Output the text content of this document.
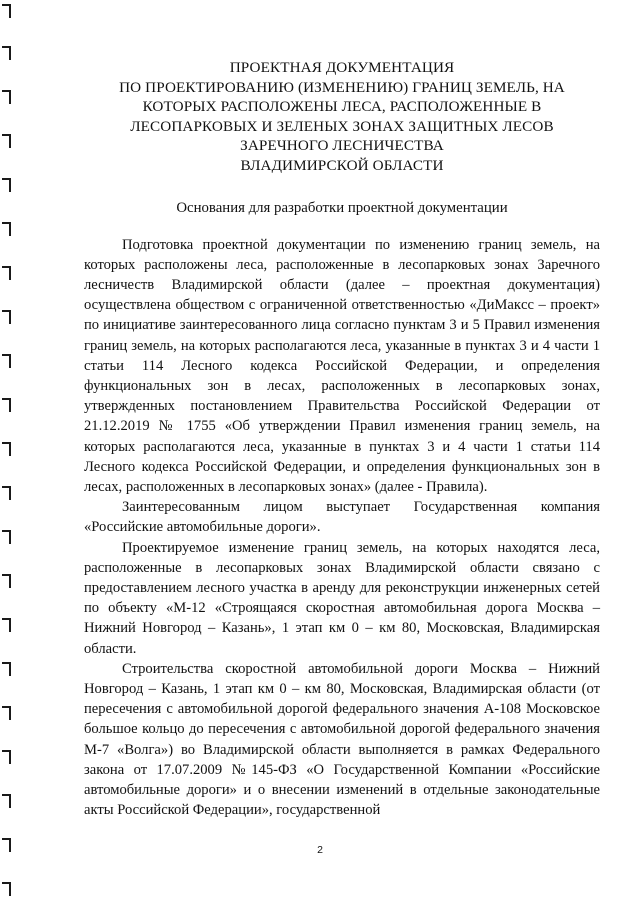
ПРОЕКТНАЯ ДОКУМЕНТАЦИЯ
ПО ПРОЕКТИРОВАНИЮ (ИЗМЕНЕНИЮ) ГРАНИЦ ЗЕМЕЛЬ, НА
КОТОРЫХ РАСПОЛОЖЕНЫ ЛЕСА, РАСПОЛОЖЕННЫЕ В
ЛЕСОПАРКОВЫХ И ЗЕЛЕНЫХ ЗОНАХ ЗАЩИТНЫХ ЛЕСОВ
ЗАРЕЧНОГО ЛЕСНИЧЕСТВА
ВЛАДИМИРСКОЙ ОБЛАСТИ

Основания для разработки проектной документации

Подготовка проектной документации по изменению границ земель, на которых расположены леса, расположенные в лесопарковых зонах Заречного лесничеств Владимирской области (далее – проектная документация) осуществлена обществом с ограниченной ответственностью «ДиМакcс – проект» по инициативе заинтересованного лица согласно пунктам 3 и 5 Правил изменения границ земель, на которых располагаются леса, указанные в пунктах 3 и 4 части 1 статьи 114 Лесного кодекса Российской Федерации, и определения функциональных зон в лесах, расположенных в лесопарковых зонах, утвержденных постановлением Правительства Российской Федерации от 21.12.2019 № 1755 «Об утверждении Правил изменения границ земель, на которых располагаются леса, указанные в пунктах 3 и 4 части 1 статьи 114 Лесного кодекса Российской Федерации, и определения функциональных зон в лесах, расположенных в лесопарковых зонах» (далее - Правила).

Заинтересованным лицом выступает Государственная компания «Российские автомобильные дороги».

Проектируемое изменение границ земель, на которых находятся леса, расположенные в лесопарковых зонах Владимирской области связано с предоставлением лесного участка в аренду для реконструкции инженерных сетей по объекту «М-12 «Строящаяся скоростная автомобильная дорога Москва – Нижний Новгород – Казань», 1 этап км 0 – км 80, Московская, Владимирская области.

Строительства скоростной автомобильной дороги Москва – Нижний Новгород – Казань, 1 этап км 0 – км 80, Московская, Владимирская области (от пересечения с автомобильной дорогой федерального значения А-108 Московское большое кольцо до пересечения с автомобильной дорогой федерального значения М-7 «Волга») во Владимирской области выполняется в рамках Федерального закона от 17.07.2009 №145-ФЗ «О Государственной Компании «Российские автомобильные дороги» и о внесении изменений в отдельные законодательные акты Российской Федерации», государственной

2
